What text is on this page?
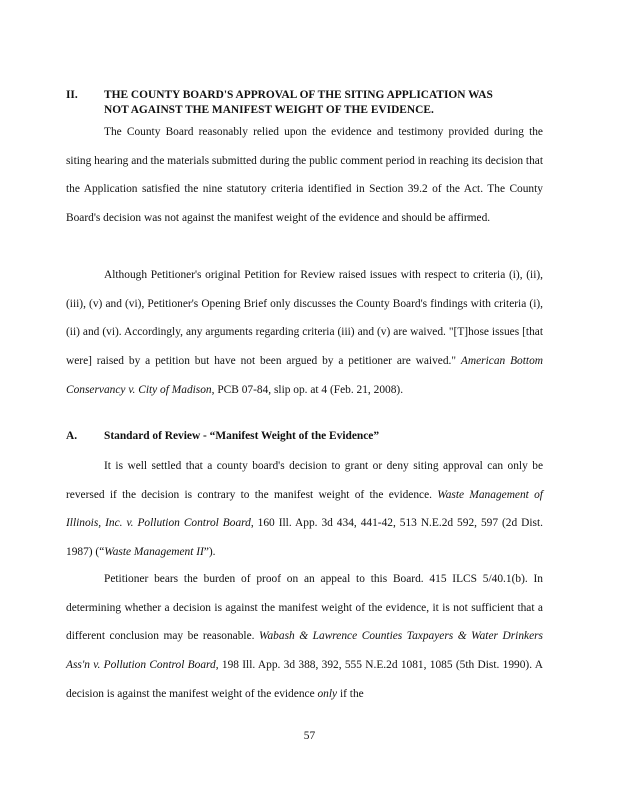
II. THE COUNTY BOARD'S APPROVAL OF THE SITING APPLICATION WAS
NOT AGAINST THE MANIFEST WEIGHT OF THE EVIDENCE.
The County Board reasonably relied upon the evidence and testimony provided during the siting hearing and the materials submitted during the public comment period in reaching its decision that the Application satisfied the nine statutory criteria identified in Section 39.2 of the Act. The County Board's decision was not against the manifest weight of the evidence and should be affirmed.
Although Petitioner's original Petition for Review raised issues with respect to criteria (i), (ii), (iii), (v) and (vi), Petitioner's Opening Brief only discusses the County Board's findings with criteria (i), (ii) and (vi). Accordingly, any arguments regarding criteria (iii) and (v) are waived. "[T]hose issues [that were] raised by a petition but have not been argued by a petitioner are waived." American Bottom Conservancy v. City of Madison, PCB 07-84, slip op. at 4 (Feb. 21, 2008).
A. Standard of Review - “Manifest Weight of the Evidence”
It is well settled that a county board's decision to grant or deny siting approval can only be reversed if the decision is contrary to the manifest weight of the evidence. Waste Management of Illinois, Inc. v. Pollution Control Board, 160 Ill. App. 3d 434, 441-42, 513 N.E.2d 592, 597 (2d Dist. 1987) (“Waste Management II”).
Petitioner bears the burden of proof on an appeal to this Board. 415 ILCS 5/40.1(b). In determining whether a decision is against the manifest weight of the evidence, it is not sufficient that a different conclusion may be reasonable. Wabash & Lawrence Counties Taxpayers & Water Drinkers Ass'n v. Pollution Control Board, 198 Ill. App. 3d 388, 392, 555 N.E.2d 1081, 1085 (5th Dist. 1990). A decision is against the manifest weight of the evidence only if the
57
